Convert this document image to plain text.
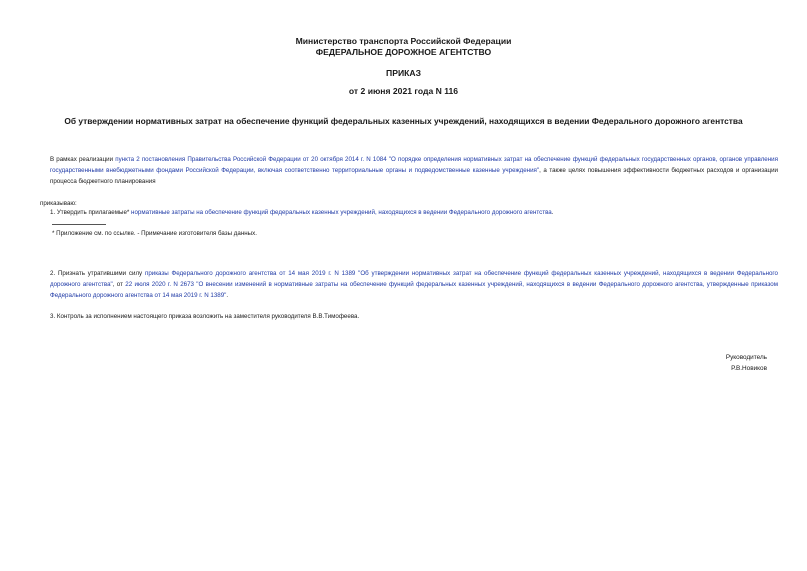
Министерство транспорта Российской Федерации
ФЕДЕРАЛЬНОЕ ДОРОЖНОЕ АГЕНТСТВО
ПРИКАЗ
от 2 июня 2021 года N 116
Об утверждении нормативных затрат на обеспечение функций федеральных казенных учреждений, находящихся в ведении Федерального дорожного агентства
В рамках реализации пункта 2 постановления Правительства Российской Федерации от 20 октября 2014 г. N 1084 "О порядке определения нормативных затрат на обеспечение функций федеральных государственных органов, органов управления государственными внебюджетными фондами Российской Федерации, включая соответственно территориальные органы и подведомственные казенные учреждения", а также целях повышения эффективности бюджетных расходов и организации процесса бюджетного планирования
приказываю:
1. Утвердить прилагаемые* нормативные затраты на обеспечение функций федеральных казенных учреждений, находящихся в ведении Федерального дорожного агентства.
* Приложение см. по ссылке. - Примечание изготовителя базы данных.
2. Признать утратившими силу приказы Федерального дорожного агентства от 14 мая 2019 г. N 1389 "Об утверждении нормативных затрат на обеспечение функций федеральных казенных учреждений, находящихся в ведении Федерального дорожного агентства", от 22 июля 2020 г. N 2673 "О внесении изменений в нормативные затраты на обеспечение функций федеральных казенных учреждений, находящихся в ведении Федерального дорожного агентства, утвержденные приказом Федерального дорожного агентства от 14 мая 2019 г. N 1389".
3. Контроль за исполнением настоящего приказа возложить на заместителя руководителя В.В.Тимофеева.
Руководитель
Р.В.Новиков
